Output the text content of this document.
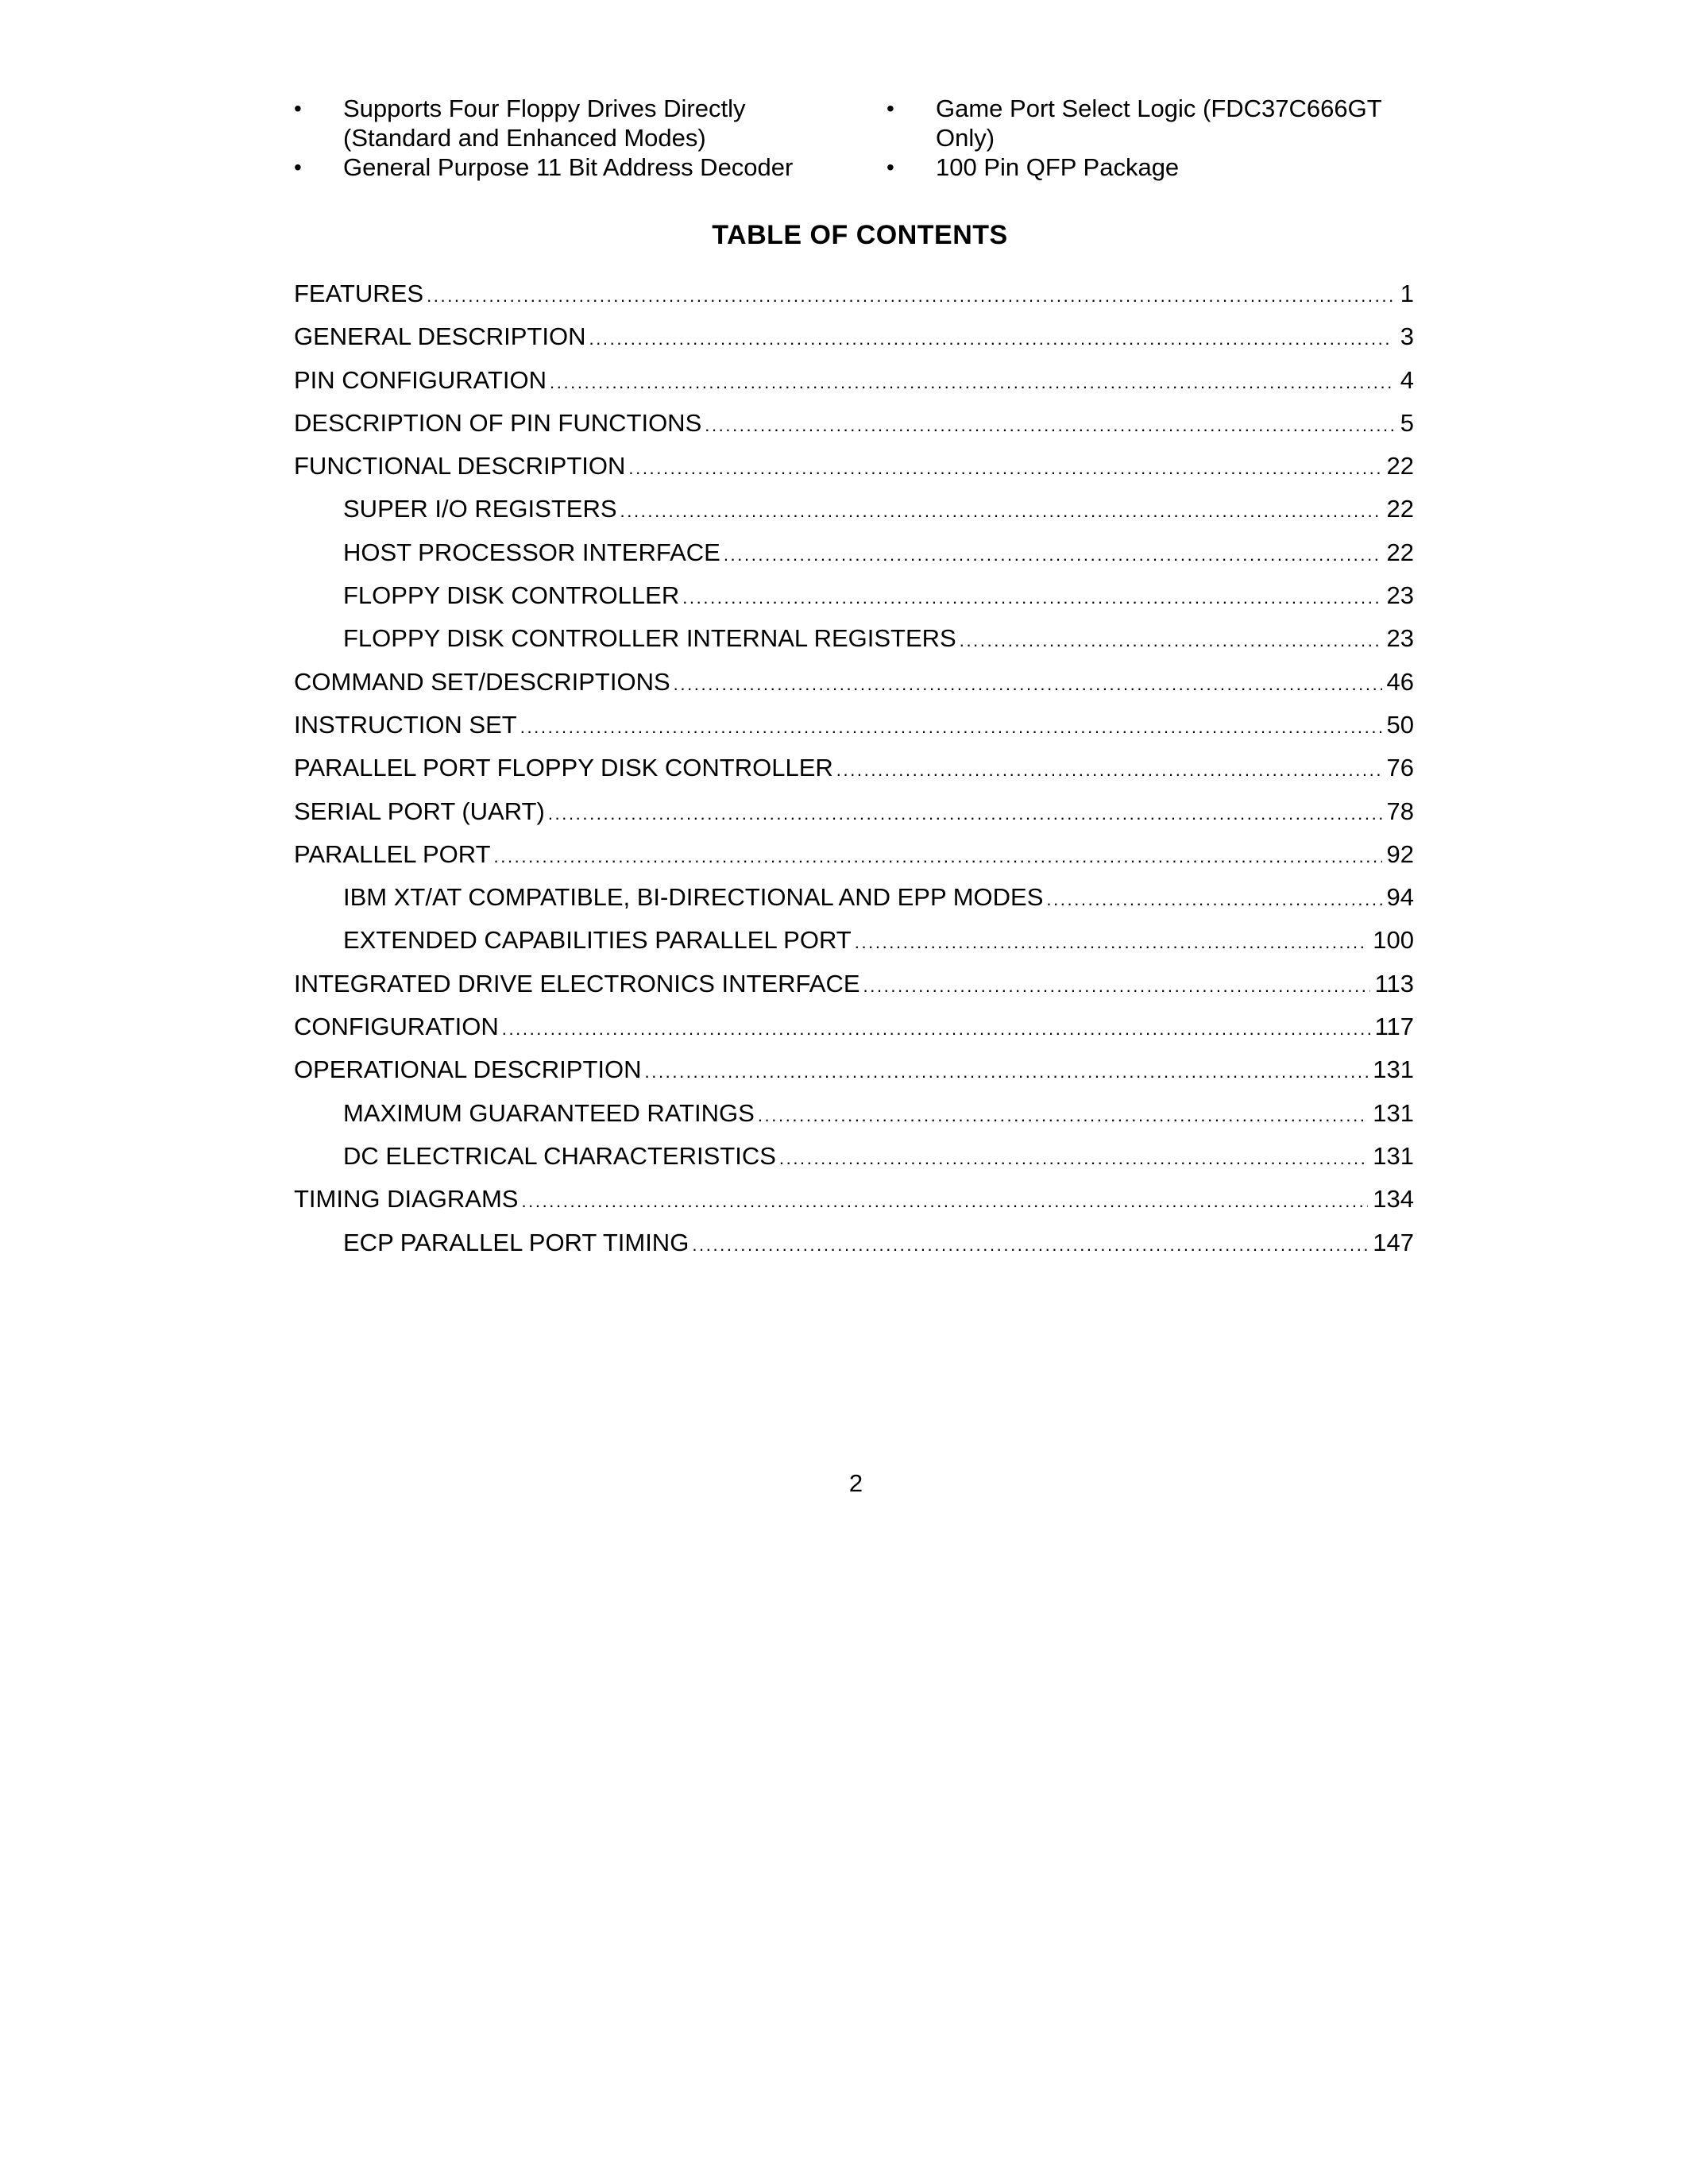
• Supports Four Floppy Drives Directly
(Standard and Enhanced Modes)
• General Purpose 11 Bit Address Decoder
• Game Port Select Logic (FDC37C666GT
Only)
• 100 Pin QFP Package
TABLE OF CONTENTS
FEATURES .....	1
GENERAL DESCRIPTION .....	3
PIN CONFIGURATION .....	4
DESCRIPTION OF PIN FUNCTIONS .....	5
FUNCTIONAL DESCRIPTION .....	22
SUPER I/O REGISTERS .....	22
HOST PROCESSOR INTERFACE .....	22
FLOPPY DISK CONTROLLER .....	23
FLOPPY DISK CONTROLLER INTERNAL REGISTERS .....	23
COMMAND SET/DESCRIPTIONS .....	46
INSTRUCTION SET .....	50
PARALLEL PORT FLOPPY DISK CONTROLLER .....	76
SERIAL PORT (UART) .....	78
PARALLEL PORT .....	92
IBM XT/AT COMPATIBLE, BI-DIRECTIONAL AND EPP MODES .....	94
EXTENDED CAPABILITIES PARALLEL PORT .....	100
INTEGRATED DRIVE ELECTRONICS INTERFACE .....	113
CONFIGURATION .....	117
OPERATIONAL DESCRIPTION .....	131
MAXIMUM GUARANTEED RATINGS .....	131
DC ELECTRICAL CHARACTERISTICS .....	131
TIMING DIAGRAMS .....	134
ECP PARALLEL PORT TIMING .....	147
2
